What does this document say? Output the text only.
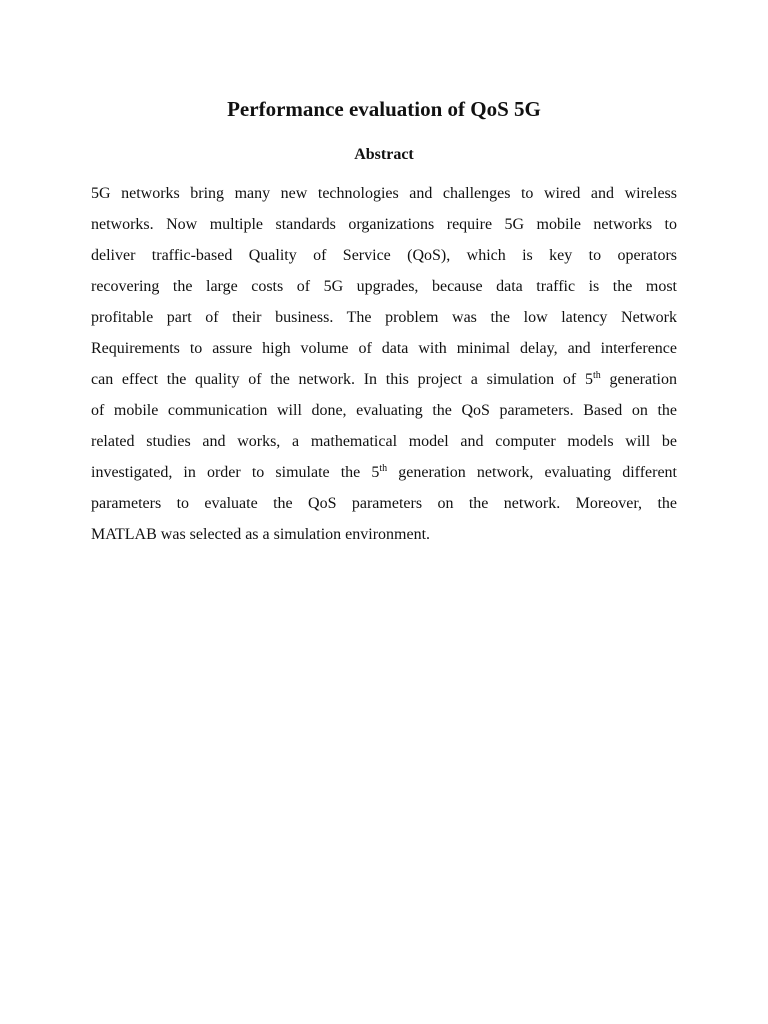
Performance evaluation of QoS 5G
Abstract
5G networks bring many new technologies and challenges to wired and wireless
networks. Now multiple standards organizations require 5G mobile networks to
deliver traffic-based Quality of Service (QoS), which is key to operators
recovering the large costs of 5G upgrades, because data traffic is the most
profitable part of their business. The problem was the low latency Network
Requirements to assure high volume of data with minimal delay, and interference
can effect the quality of the network. In this project a simulation of 5th generation
of mobile communication will done, evaluating the QoS parameters. Based on the
related studies and works, a mathematical model and computer models will be
investigated, in order to simulate the 5th generation network, evaluating different
parameters to evaluate the QoS parameters on the network. Moreover, the
MATLAB was selected as a simulation environment.
